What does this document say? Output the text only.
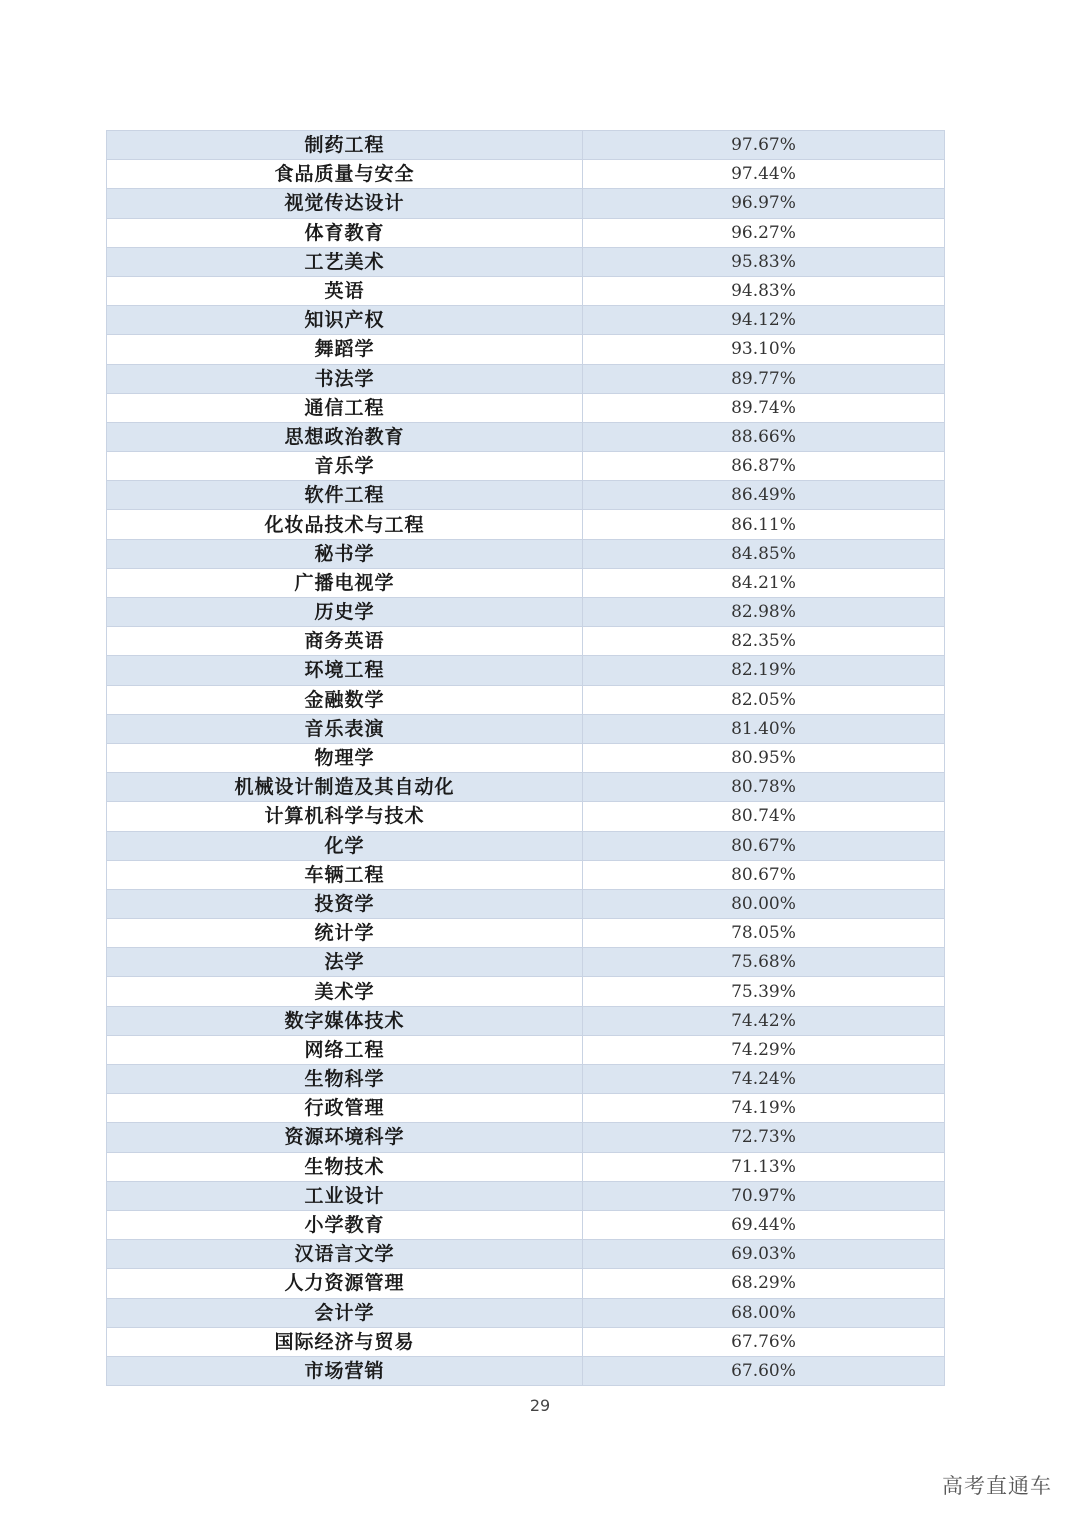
制药工程	97.67%
食品质量与安全	97.44%
视觉传达设计	96.97%
体育教育	96.27%
工艺美术	95.83%
英语	94.83%
知识产权	94.12%
舞蹈学	93.10%
书法学	89.77%
通信工程	89.74%
思想政治教育	88.66%
音乐学	86.87%
软件工程	86.49%
化妆品技术与工程	86.11%
秘书学	84.85%
广播电视学	84.21%
历史学	82.98%
商务英语	82.35%
环境工程	82.19%
金融数学	82.05%
音乐表演	81.40%
物理学	80.95%
机械设计制造及其自动化	80.78%
计算机科学与技术	80.74%
化学	80.67%
车辆工程	80.67%
投资学	80.00%
统计学	78.05%
法学	75.68%
美术学	75.39%
数字媒体技术	74.42%
网络工程	74.29%
生物科学	74.24%
行政管理	74.19%
资源环境科学	72.73%
生物技术	71.13%
工业设计	70.97%
小学教育	69.44%
汉语言文学	69.03%
人力资源管理	68.29%
会计学	68.00%
国际经济与贸易	67.76%
市场营销	67.60%
29
高考直通车
